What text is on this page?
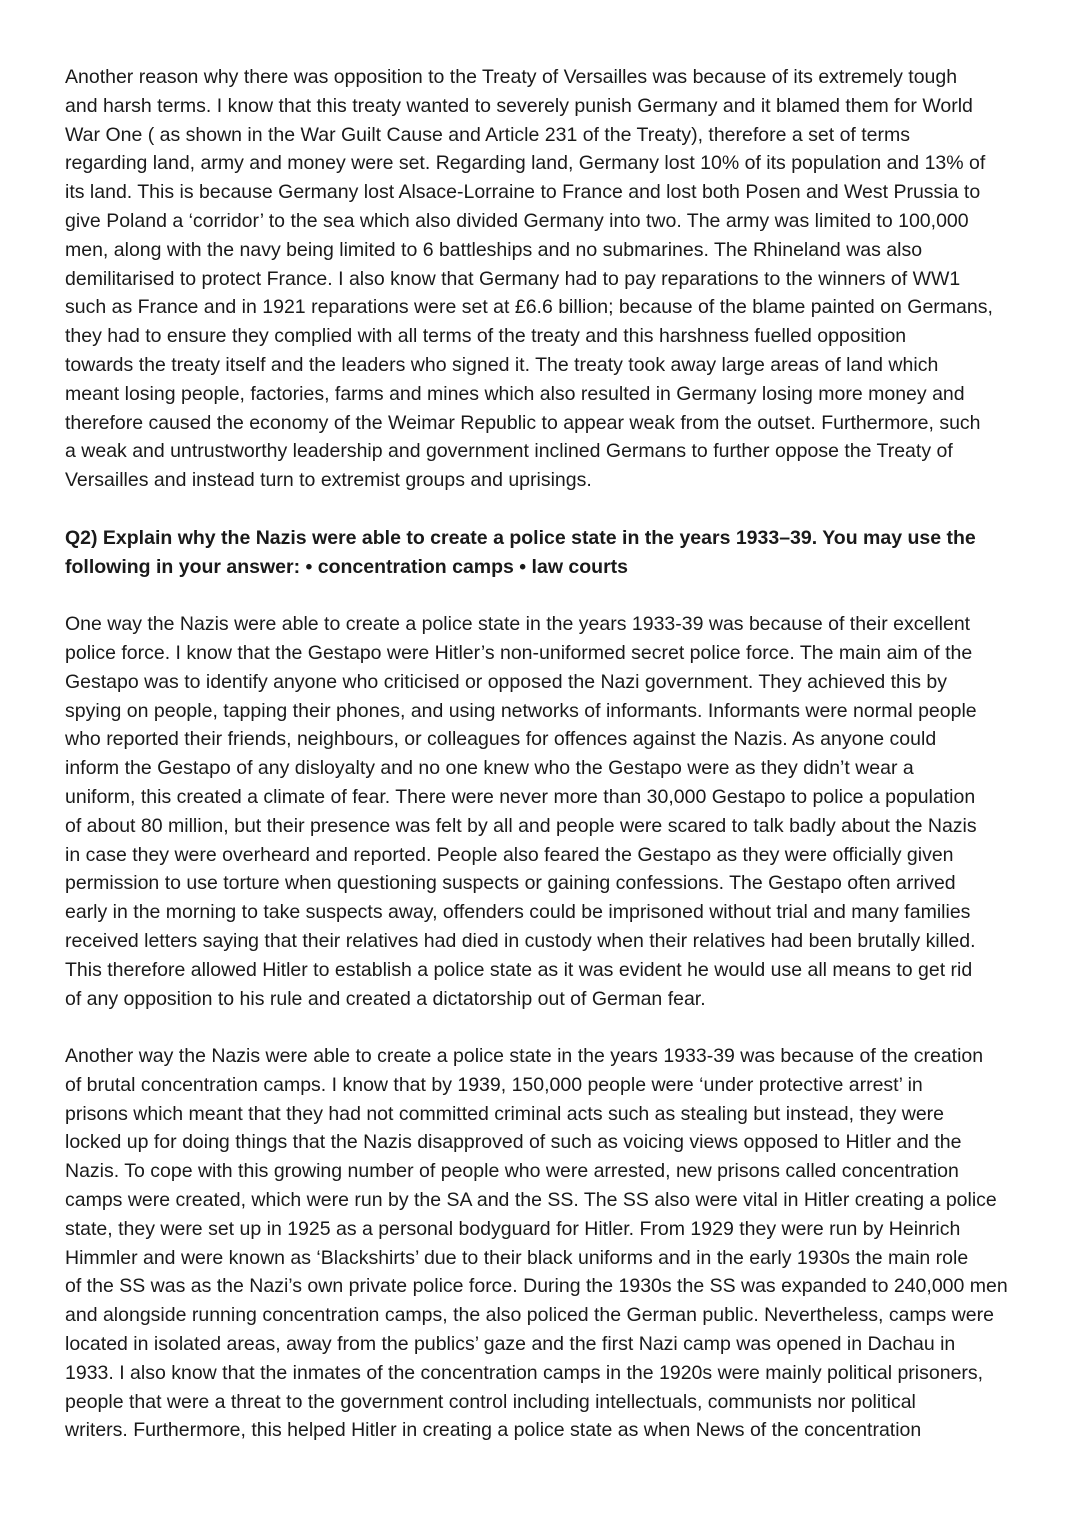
Another reason why there was opposition to the Treaty of Versailles was because of its extremely tough
and harsh terms. I know that this treaty wanted to severely punish Germany and it blamed them for World
War One ( as shown in the War Guilt Cause and Article 231 of the Treaty), therefore a set of terms
regarding land, army and money were set. Regarding land, Germany lost 10% of its population and 13% of
its land. This is because Germany lost Alsace-Lorraine to France and lost both Posen and West Prussia to
give Poland a ‘corridor’ to the sea which also divided Germany into two. The army was limited to 100,000
men, along with the navy being limited to 6 battleships and no submarines. The Rhineland was also
demilitarised to protect France. I also know that Germany had to pay reparations to the winners of WW1
such as France and in 1921 reparations were set at £6.6 billion; because of the blame painted on Germans,
they had to ensure they complied with all terms of the treaty and this harshness fuelled opposition
towards the treaty itself and the leaders who signed it. The treaty took away large areas of land which
meant losing people, factories, farms and mines which also resulted in Germany losing more money and
therefore caused the economy of the Weimar Republic to appear weak from the outset. Furthermore, such
a weak and untrustworthy leadership and government inclined Germans to further oppose the Treaty of
Versailles and instead turn to extremist groups and uprisings.
Q2) Explain why the Nazis were able to create a police state in the years 1933–39. You may use the
following in your answer: • concentration camps • law courts
One way the Nazis were able to create a police state in the years 1933-39 was because of their excellent
police force. I know that the Gestapo were Hitler’s non-uniformed secret police force. The main aim of the
Gestapo was to identify anyone who criticised or opposed the Nazi government. They achieved this by
spying on people, tapping their phones, and using networks of informants. Informants were normal people
who reported their friends, neighbours, or colleagues for offences against the Nazis. As anyone could
inform the Gestapo of any disloyalty and no one knew who the Gestapo were as they didn’t wear a
uniform, this created a climate of fear. There were never more than 30,000 Gestapo to police a population
of about 80 million, but their presence was felt by all and people were scared to talk badly about the Nazis
in case they were overheard and reported. People also feared the Gestapo as they were officially given
permission to use torture when questioning suspects or gaining confessions. The Gestapo often arrived
early in the morning to take suspects away, offenders could be imprisoned without trial and many families
received letters saying that their relatives had died in custody when their relatives had been brutally killed.
This therefore allowed Hitler to establish a police state as it was evident he would use all means to get rid
of any opposition to his rule and created a dictatorship out of German fear.
Another way the Nazis were able to create a police state in the years 1933-39 was because of the creation
of brutal concentration camps. I know that by 1939, 150,000 people were ‘under protective arrest’ in
prisons which meant that they had not committed criminal acts such as stealing but instead, they were
locked up for doing things that the Nazis disapproved of such as voicing views opposed to Hitler and the
Nazis. To cope with this growing number of people who were arrested, new prisons called concentration
camps were created, which were run by the SA and the SS. The SS also were vital in Hitler creating a police
state, they were set up in 1925 as a personal bodyguard for Hitler. From 1929 they were run by Heinrich
Himmler and were known as ‘Blackshirts’ due to their black uniforms and in the early 1930s the main role
of the SS was as the Nazi’s own private police force. During the 1930s the SS was expanded to 240,000 men
and alongside running concentration camps, the also policed the German public. Nevertheless, camps were
located in isolated areas, away from the publics’ gaze and the first Nazi camp was opened in Dachau in
1933. I also know that the inmates of the concentration camps in the 1920s were mainly political prisoners,
people that were a threat to the government control including intellectuals, communists nor political
writers. Furthermore, this helped Hitler in creating a police state as when News of the concentration
